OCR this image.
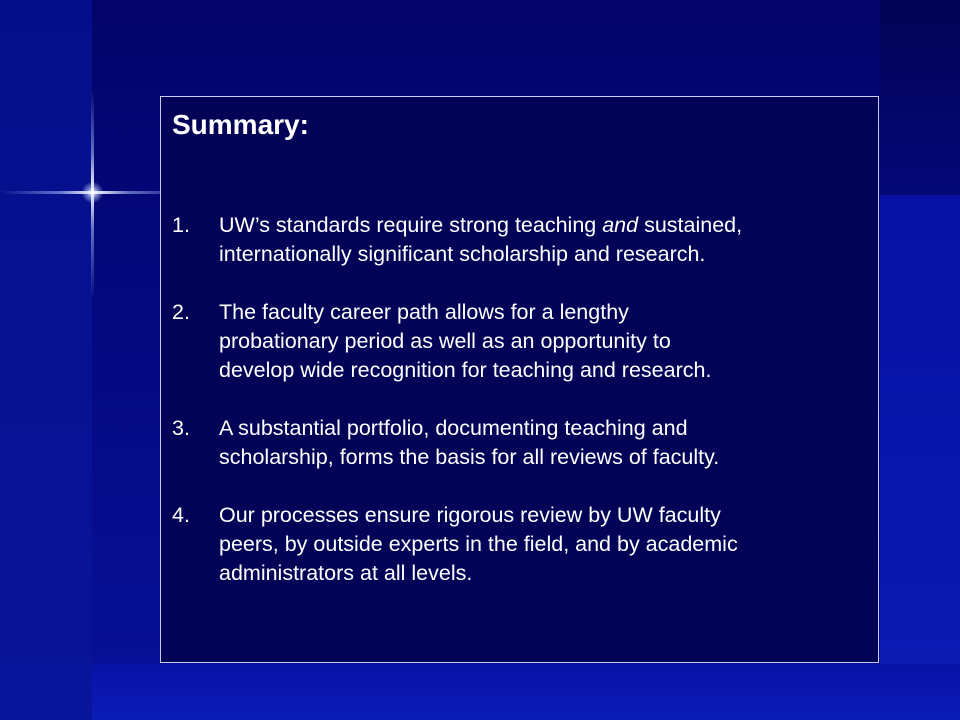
Summary:
1. UW’s standards require strong teaching and sustained,
internationally significant scholarship and research.
2. The faculty career path allows for a lengthy
probationary period as well as an opportunity to
develop wide recognition for teaching and research.
3. A substantial portfolio, documenting teaching and
scholarship, forms the basis for all reviews of faculty.
4. Our processes ensure rigorous review by UW faculty
peers, by outside experts in the field, and by academic
administrators at all levels.
